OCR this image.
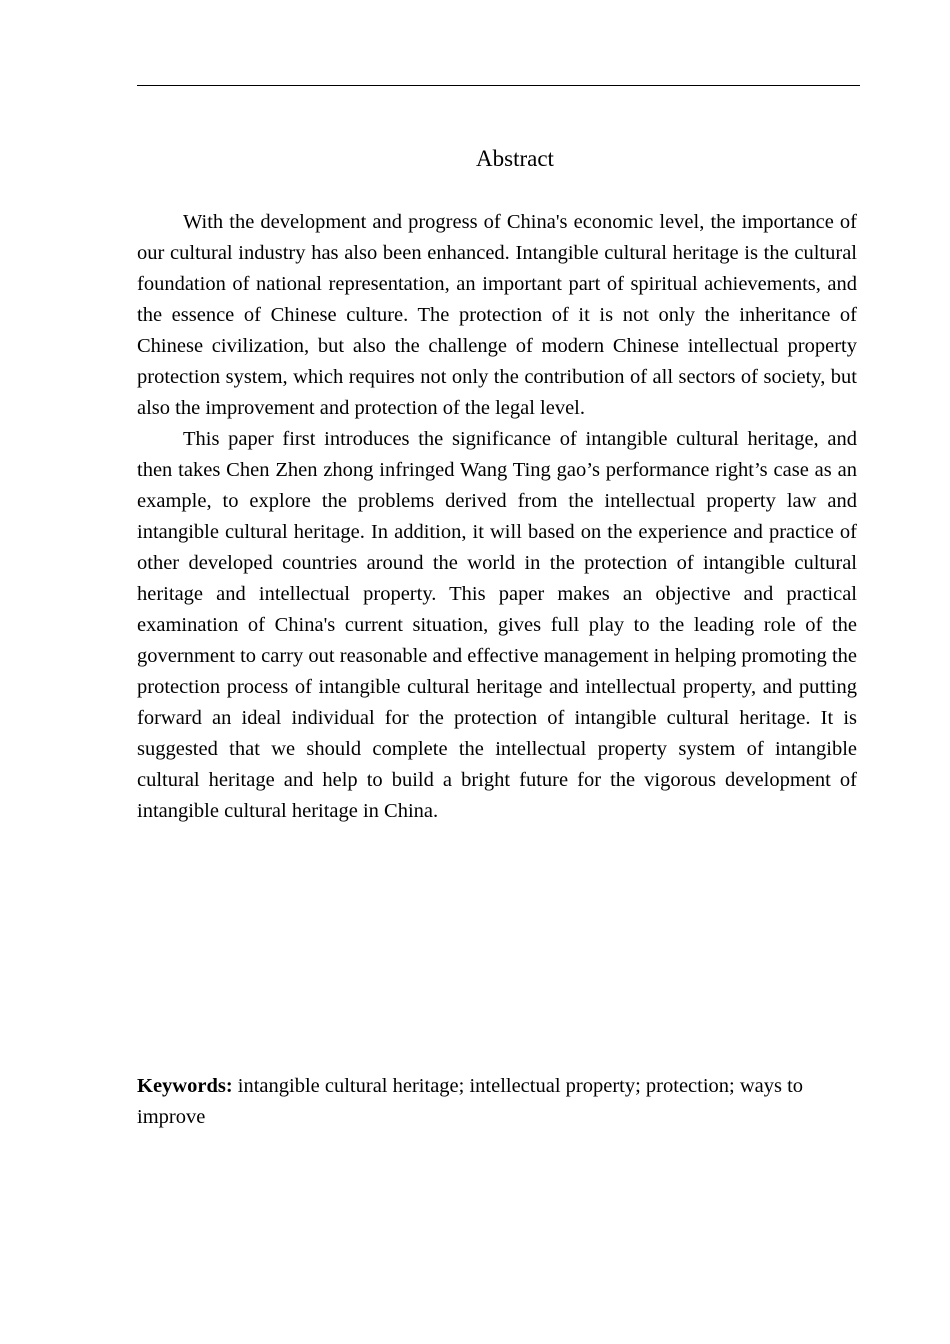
Abstract

With the development and progress of China's economic level, the importance of our cultural industry has also been enhanced. Intangible cultural heritage is the cultural foundation of national representation, an important part of spiritual achievements, and the essence of Chinese culture. The protection of it is not only the inheritance of Chinese civilization, but also the challenge of modern Chinese intellectual property protection system, which requires not only the contribution of all sectors of society, but also the improvement and protection of the legal level.

This paper first introduces the significance of intangible cultural heritage, and then takes Chen Zhen zhong infringed Wang Ting gao’s performance right’s case as an example, to explore the problems derived from the intellectual property law and intangible cultural heritage. In addition, it will based on the experience and practice of other developed countries around the world in the protection of intangible cultural heritage and intellectual property. This paper makes an objective and practical examination of China's current situation, gives full play to the leading role of the government to carry out reasonable and effective management in helping promoting the protection process of intangible cultural heritage and intellectual property, and putting forward an ideal individual for the protection of intangible cultural heritage. It is suggested that we should complete the intellectual property system of intangible cultural heritage and help to build a bright future for the vigorous development of intangible cultural heritage in China.

Keywords: intangible cultural heritage; intellectual property; protection; ways to improve
